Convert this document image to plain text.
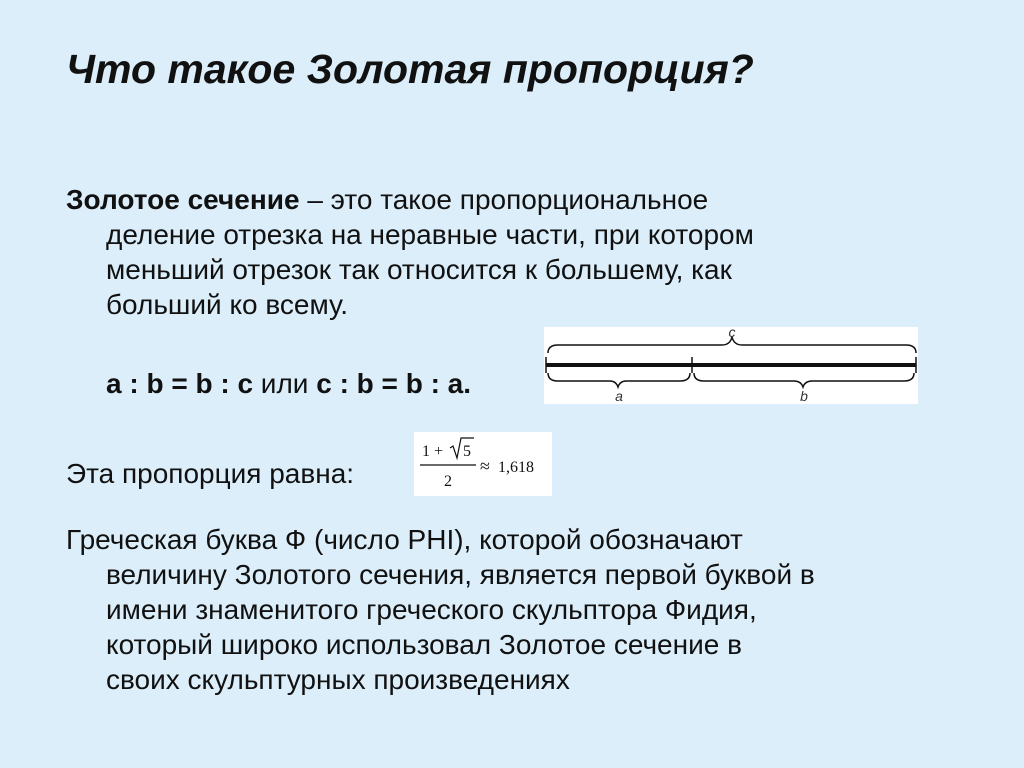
Что такое Золотая пропорция?
Золотое сечение – это такое пропорциональное
деление отрезка на неравные части, при котором
меньший отрезок так относится к большему, как
больший ко всему.
a : b = b : c или c : b = b : a.
c
a	b
Эта пропорция равна:
1 + 5
2
≈ 1,618
Греческая буква Ф (число PHI), которой обозначают
величину Золотого сечения, является первой буквой в
имени знаменитого греческого скульптора Фидия,
который широко использовал Золотое сечение в
своих скульптурных произведениях
